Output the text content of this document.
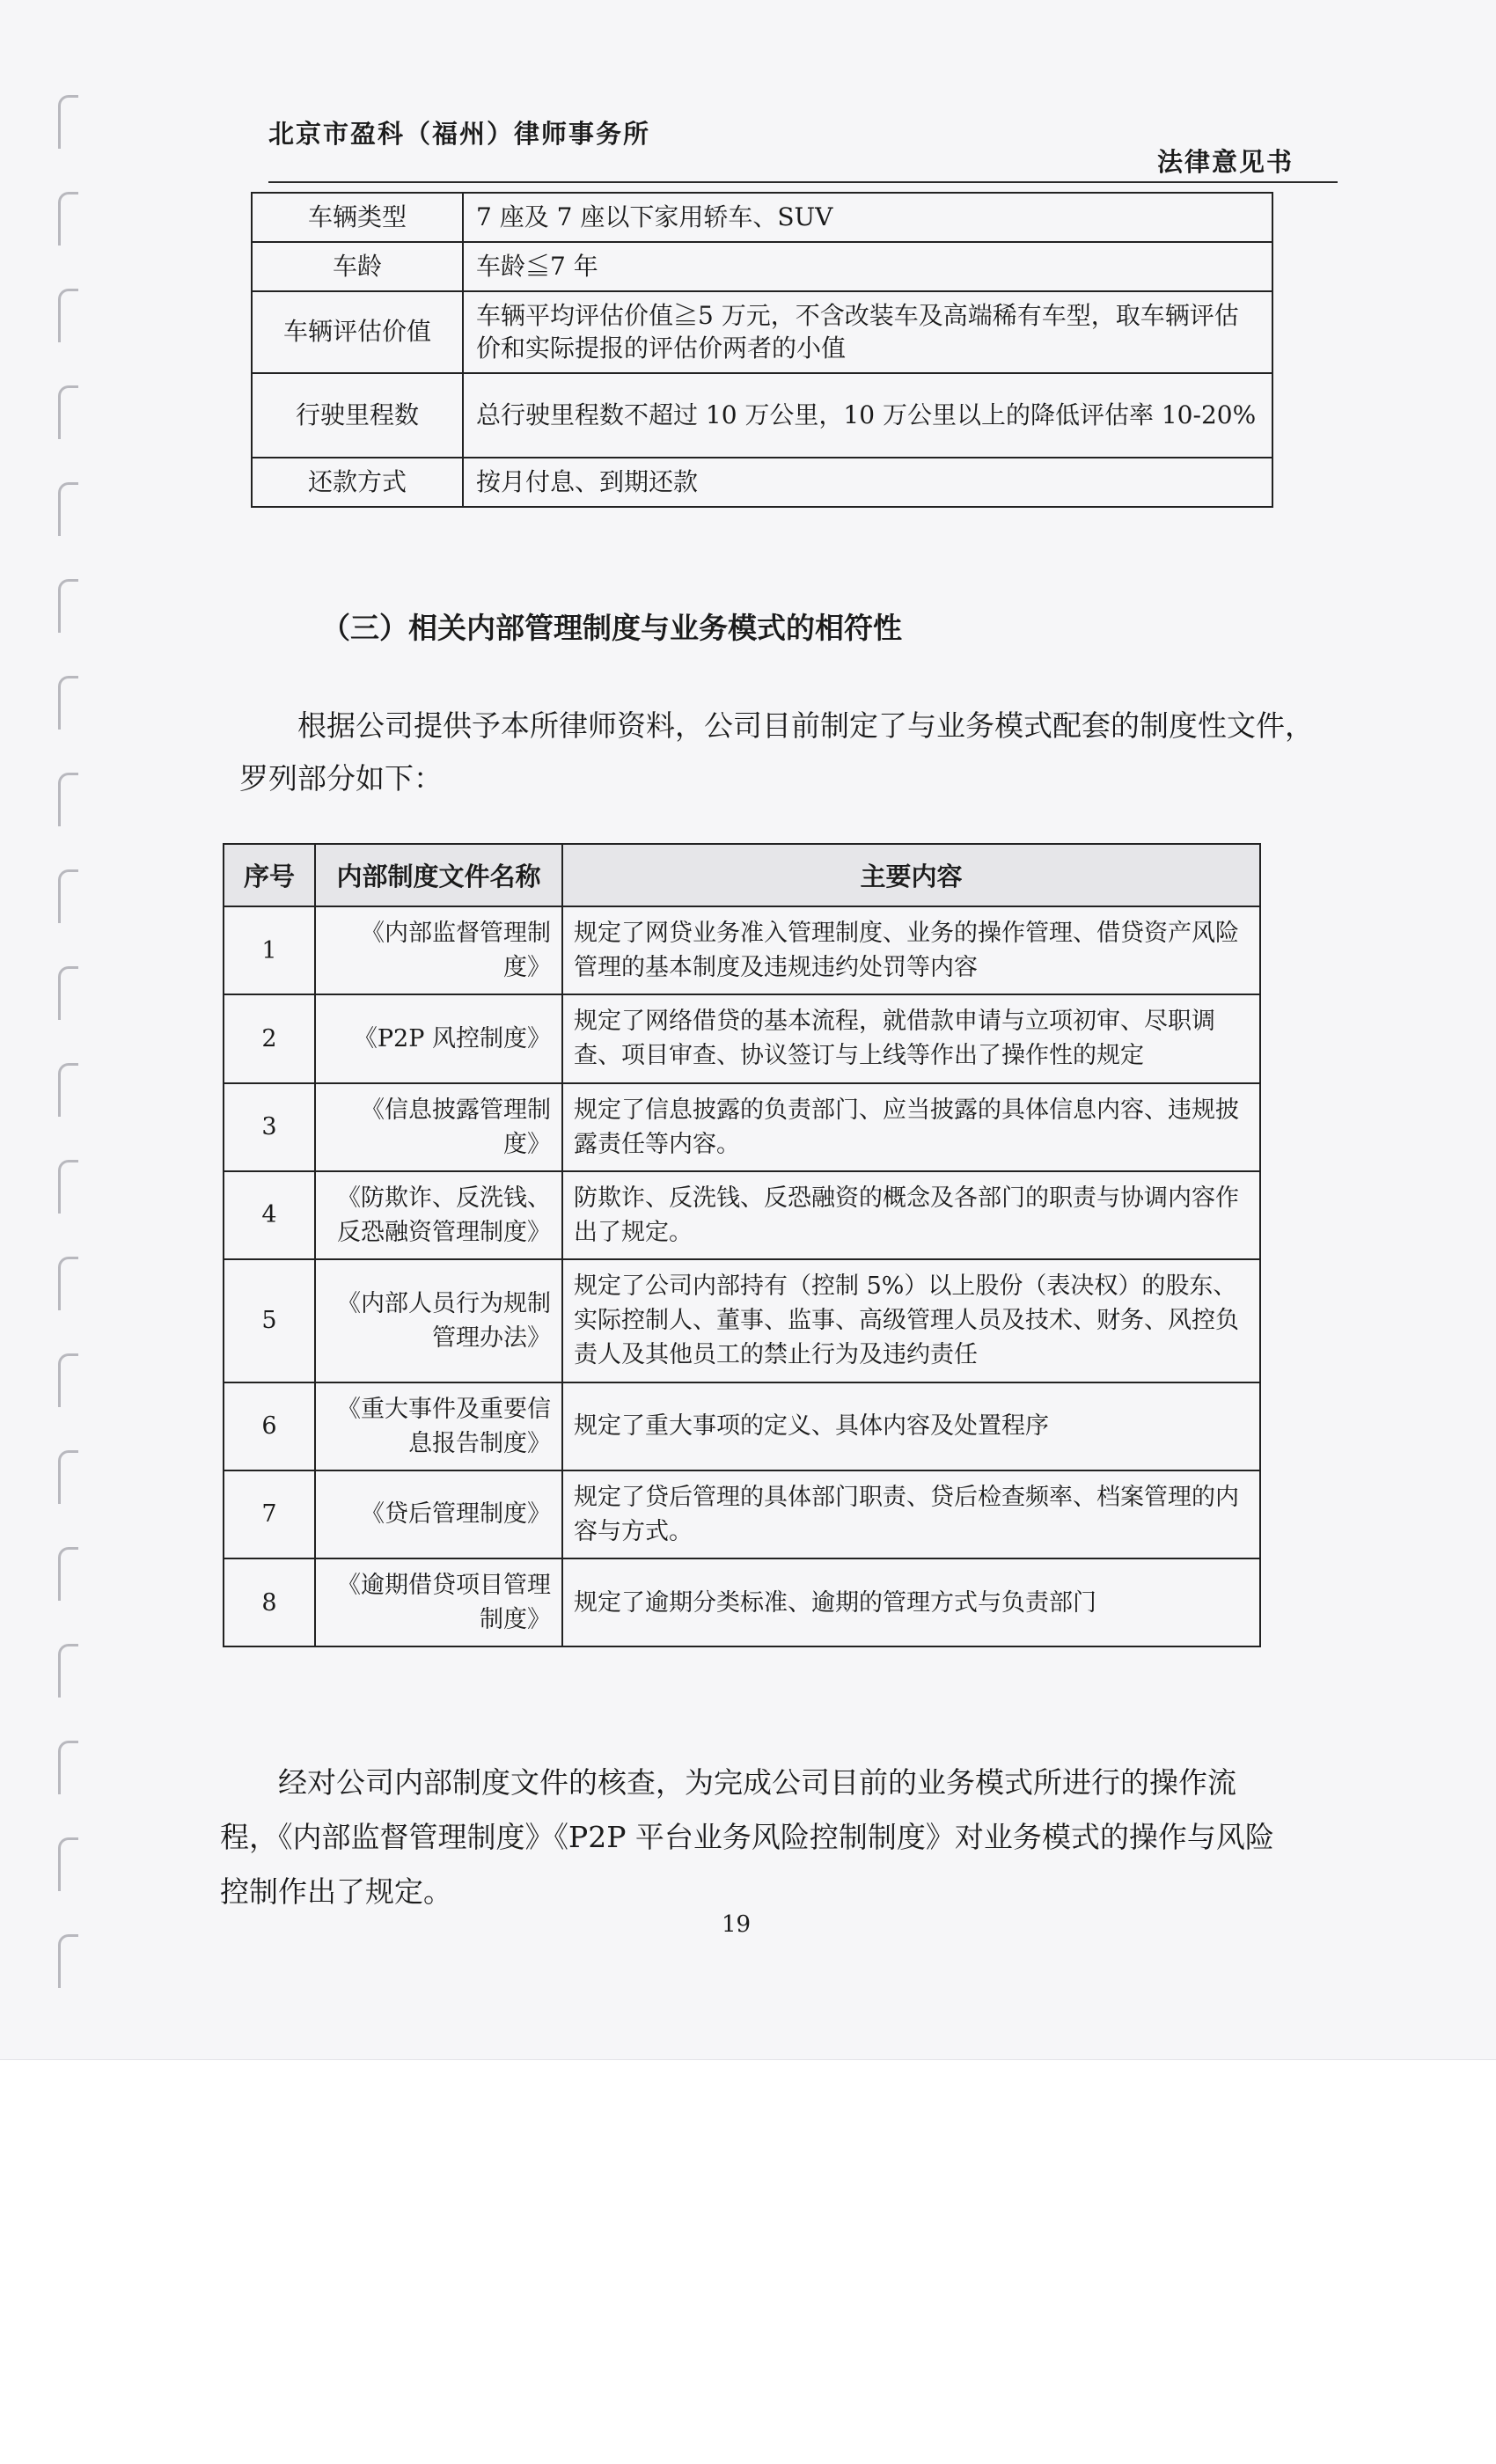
北京市盈科（福州）律师事务所
法律意见书
车辆类型	7 座及 7 座以下家用轿车、SUV
车龄	车龄≦7 年
车辆评估价值	车辆平均评估价值≧5 万元，不含改装车及高端稀有车型，取车辆评估价和实际提报的评估价两者的小值
行驶里程数	总行驶里程数不超过 10 万公里，10 万公里以上的降低评估率 10-20%
还款方式	按月付息、到期还款
（三）相关内部管理制度与业务模式的相符性
根据公司提供予本所律师资料，公司目前制定了与业务模式配套的制度性文件，罗列部分如下：
序号	内部制度文件名称	主要内容
1	《内部监督管理制度》	规定了网贷业务准入管理制度、业务的操作管理、借贷资产风险管理的基本制度及违规违约处罚等内容
2	《P2P 风控制度》	规定了网络借贷的基本流程，就借款申请与立项初审、尽职调查、项目审查、协议签订与上线等作出了操作性的规定
3	《信息披露管理制度》	规定了信息披露的负责部门、应当披露的具体信息内容、违规披露责任等内容。
4	《防欺诈、反洗钱、反恐融资管理制度》	防欺诈、反洗钱、反恐融资的概念及各部门的职责与协调内容作出了规定。
5	《内部人员行为规制管理办法》	规定了公司内部持有（控制 5%）以上股份（表决权）的股东、实际控制人、董事、监事、高级管理人员及技术、财务、风控负责人及其他员工的禁止行为及违约责任
6	《重大事件及重要信息报告制度》	规定了重大事项的定义、具体内容及处置程序
7	《贷后管理制度》	规定了贷后管理的具体部门职责、贷后检查频率、档案管理的内容与方式。
8	《逾期借贷项目管理制度》	规定了逾期分类标准、逾期的管理方式与负责部门
经对公司内部制度文件的核查，为完成公司目前的业务模式所进行的操作流程，《内部监督管理制度》《P2P 平台业务风险控制制度》对业务模式的操作与风险控制作出了规定。
19
